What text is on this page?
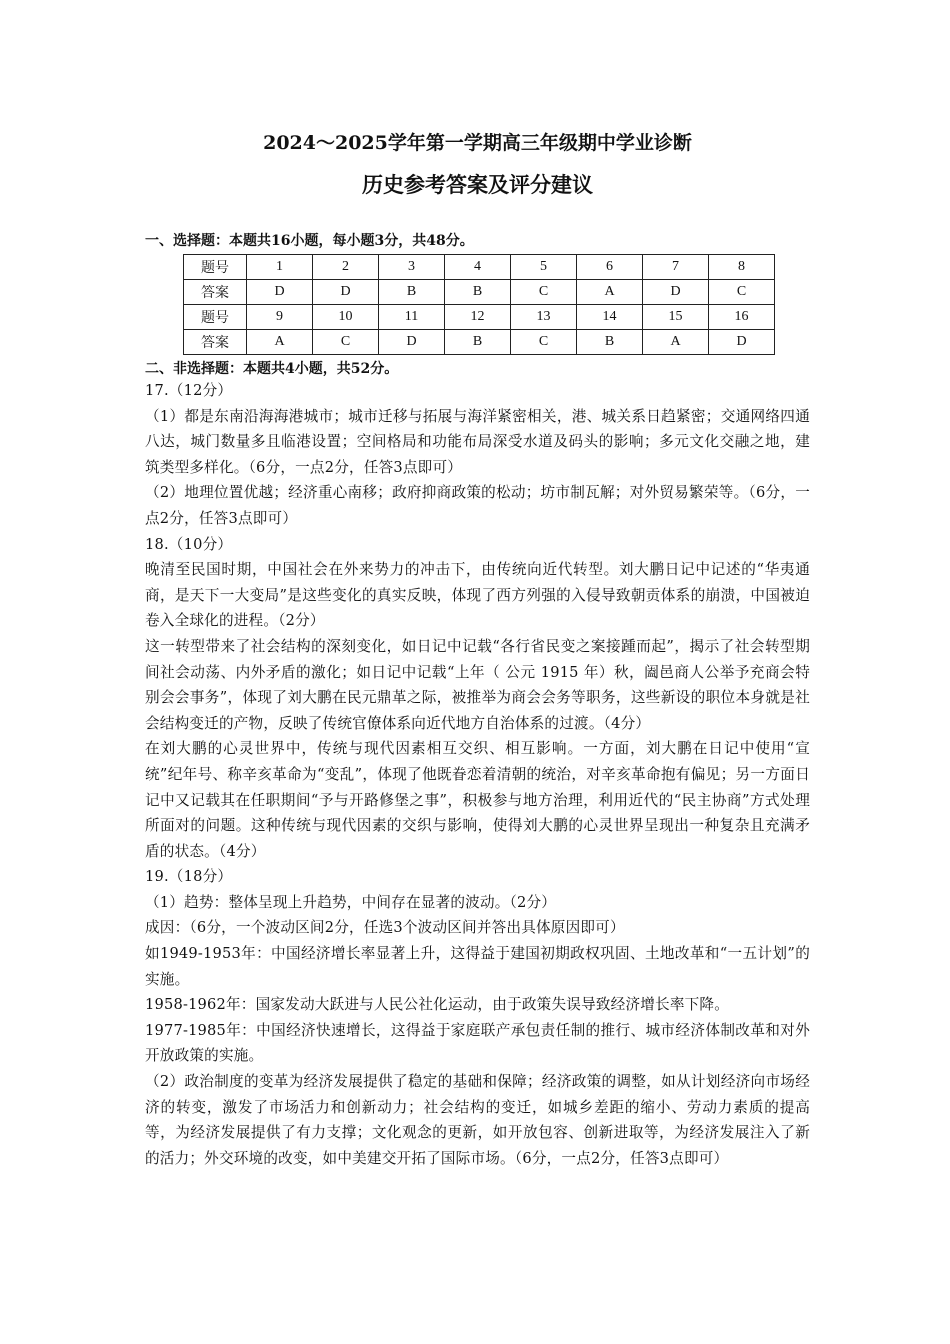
2024～2025学年第一学期高三年级期中学业诊断
历史参考答案及评分建议

一、选择题：本题共16小题，每小题3分，共48分。

题号	1	2	3	4	5	6	7	8
答案	D	D	B	B	C	A	D	C
题号	9	10	11	12	13	14	15	16
答案	A	C	D	B	C	B	A	D

二、非选择题：本题共4小题，共52分。

17.（12分）

（1）都是东南沿海海港城市；城市迁移与拓展与海洋紧密相关，港、城关系日趋紧密；交通网络四通八达，城门数量多且临港设置；空间格局和功能布局深受水道及码头的影响；多元文化交融之地，建筑类型多样化。（6分，一点2分，任答3点即可）

（2）地理位置优越；经济重心南移；政府抑商政策的松动；坊市制瓦解；对外贸易繁荣等。（6分，一点2分，任答3点即可）

18.（10分）

晚清至民国时期，中国社会在外来势力的冲击下，由传统向近代转型。刘大鹏日记中记述的“华夷通商，是天下一大变局”是这些变化的真实反映，体现了西方列强的入侵导致朝贡体系的崩溃，中国被迫卷入全球化的进程。（2分）

这一转型带来了社会结构的深刻变化，如日记中记载“各行省民变之案接踵而起”，揭示了社会转型期间社会动荡、内外矛盾的激化；如日记中记载“上年（ 公元 1915 年）秋，阖邑商人公举予充商会特别会会事务”，体现了刘大鹏在民元鼎革之际，被推举为商会会务等职务，这些新设的职位本身就是社会结构变迁的产物，反映了传统官僚体系向近代地方自治体系的过渡。（4分）

在刘大鹏的心灵世界中，传统与现代因素相互交织、相互影响。一方面，刘大鹏在日记中使用“宣统”纪年号、称辛亥革命为“变乱”，体现了他既眷恋着清朝的统治，对辛亥革命抱有偏见；另一方面日记中又记载其在任职期间“予与开路修堡之事”，积极参与地方治理，利用近代的“民主协商”方式处理所面对的问题。这种传统与现代因素的交织与影响，使得刘大鹏的心灵世界呈现出一种复杂且充满矛盾的状态。（4分）

19.（18分）

（1）趋势：整体呈现上升趋势，中间存在显著的波动。（2分）

成因：（6分，一个波动区间2分，任选3个波动区间并答出具体原因即可）

如1949-1953年：中国经济增长率显著上升，这得益于建国初期政权巩固、土地改革和“一五计划”的实施。

1958-1962年：国家发动大跃进与人民公社化运动，由于政策失误导致经济增长率下降。

1977-1985年：中国经济快速增长，这得益于家庭联产承包责任制的推行、城市经济体制改革和对外开放政策的实施。

（2）政治制度的变革为经济发展提供了稳定的基础和保障；经济政策的调整，如从计划经济向市场经济的转变，激发了市场活力和创新动力；社会结构的变迁，如城乡差距的缩小、劳动力素质的提高等，为经济发展提供了有力支撑；文化观念的更新，如开放包容、创新进取等，为经济发展注入了新的活力；外交环境的改变，如中美建交开拓了国际市场。（6分，一点2分，任答3点即可）
